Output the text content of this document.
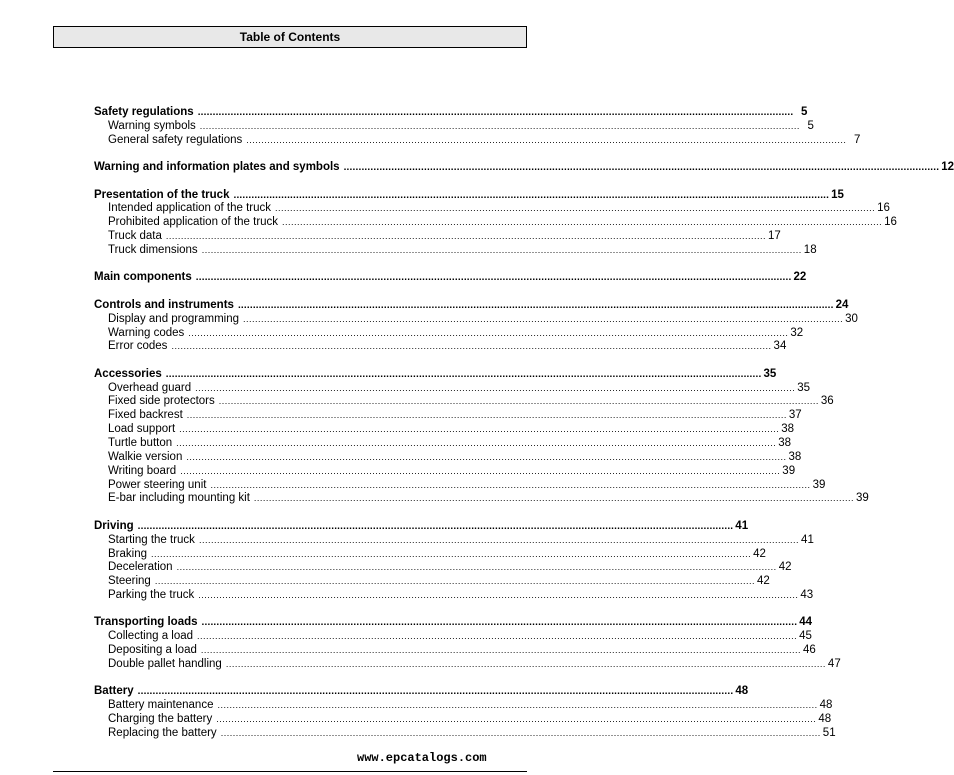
Table of Contents
Safety regulations ........................................................................................................................................................................................................ 5
Warning symbols ........................................................................................................................................................................................................ 5
General safety regulations ........................................................................................................................................................................................................ 7
Warning and information plates and symbols ........................................................................................................................................................................................................ 12
Presentation of the truck ........................................................................................................................................................................................................ 15
Intended application of the truck ........................................................................................................................................................................................................ 16
Prohibited application of the truck ........................................................................................................................................................................................................ 16
Truck data ........................................................................................................................................................................................................ 17
Truck dimensions ........................................................................................................................................................................................................ 18
Main components ........................................................................................................................................................................................................ 22
Controls and instruments ........................................................................................................................................................................................................ 24
Display and programming ........................................................................................................................................................................................................ 30
Warning codes ........................................................................................................................................................................................................ 32
Error codes ........................................................................................................................................................................................................ 34
Accessories ........................................................................................................................................................................................................ 35
Overhead guard ........................................................................................................................................................................................................ 35
Fixed side protectors ........................................................................................................................................................................................................ 36
Fixed backrest ........................................................................................................................................................................................................ 37
Load support ........................................................................................................................................................................................................ 38
Turtle button ........................................................................................................................................................................................................ 38
Walkie version ........................................................................................................................................................................................................ 38
Writing board ........................................................................................................................................................................................................ 39
Power steering unit ........................................................................................................................................................................................................ 39
E-bar including mounting kit ........................................................................................................................................................................................................ 39
Driving ........................................................................................................................................................................................................ 41
Starting the truck ........................................................................................................................................................................................................ 41
Braking ........................................................................................................................................................................................................ 42
Deceleration ........................................................................................................................................................................................................ 42
Steering ........................................................................................................................................................................................................ 42
Parking the truck ........................................................................................................................................................................................................ 43
Transporting loads ........................................................................................................................................................................................................ 44
Collecting a load ........................................................................................................................................................................................................ 45
Depositing a load ........................................................................................................................................................................................................ 46
Double pallet handling ........................................................................................................................................................................................................ 47
Battery ........................................................................................................................................................................................................ 48
Battery maintenance ........................................................................................................................................................................................................ 48
Charging the battery ........................................................................................................................................................................................................ 48
Replacing the battery ........................................................................................................................................................................................................ 51
www.epcatalogs.com
